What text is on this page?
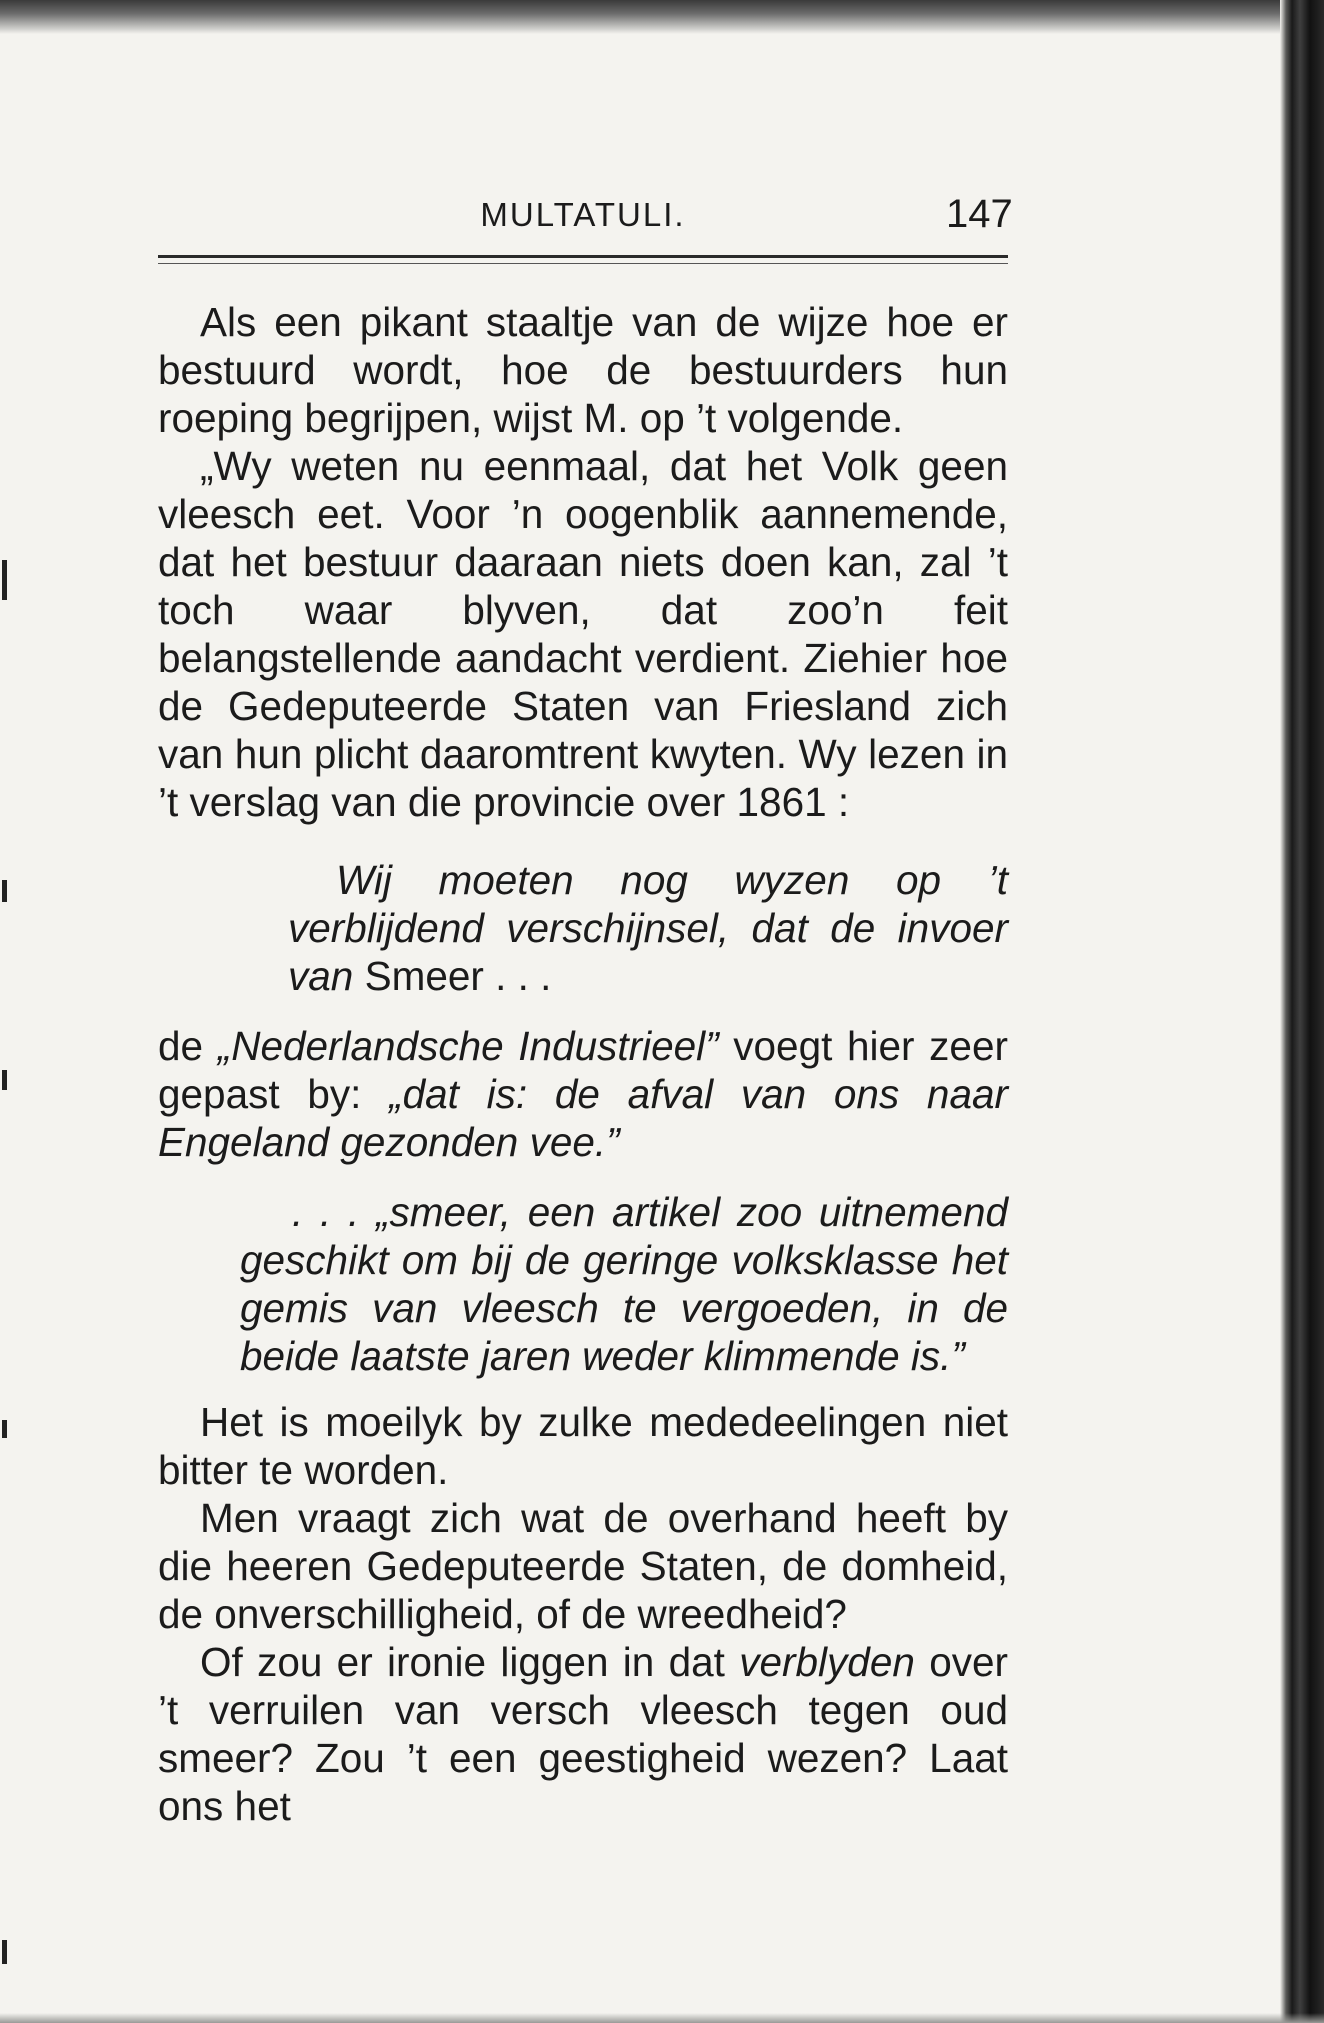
MULTATULI.	147

Als een pikant staaltje van de wijze hoe er bestuurd wordt, hoe de bestuurders hun roeping begrijpen, wijst M. op ’t volgende.

„Wy weten nu eenmaal, dat het Volk geen vleesch eet. Voor ’n oogenblik aannemende, dat het bestuur daaraan niets doen kan, zal ’t toch waar blyven, dat zoo’n feit belangstellende aandacht verdient. Ziehier hoe de Gedeputeerde Staten van Friesland zich van hun plicht daaromtrent kwyten. Wy lezen in ’t verslag van die provincie over 1861 :

Wij moeten nog wyzen op ’t verblijdend verschijnsel, dat de invoer van Smeer . . .

de „Nederlandsche Industrieel” voegt hier zeer gepast by: „dat is: de afval van ons naar Engeland gezonden vee.”

. . . „smeer, een artikel zoo uitnemend geschikt om bij de geringe volksklasse het gemis van vleesch te vergoeden, in de beide laatste jaren weder klimmende is.”

Het is moeilyk by zulke mededeelingen niet bitter te worden.

Men vraagt zich wat de overhand heeft by die heeren Gedeputeerde Staten, de domheid, de onverschilligheid, of de wreedheid?

Of zou er ironie liggen in dat verblyden over ’t verruilen van versch vleesch tegen oud smeer? Zou ’t een geestigheid wezen? Laat ons het
